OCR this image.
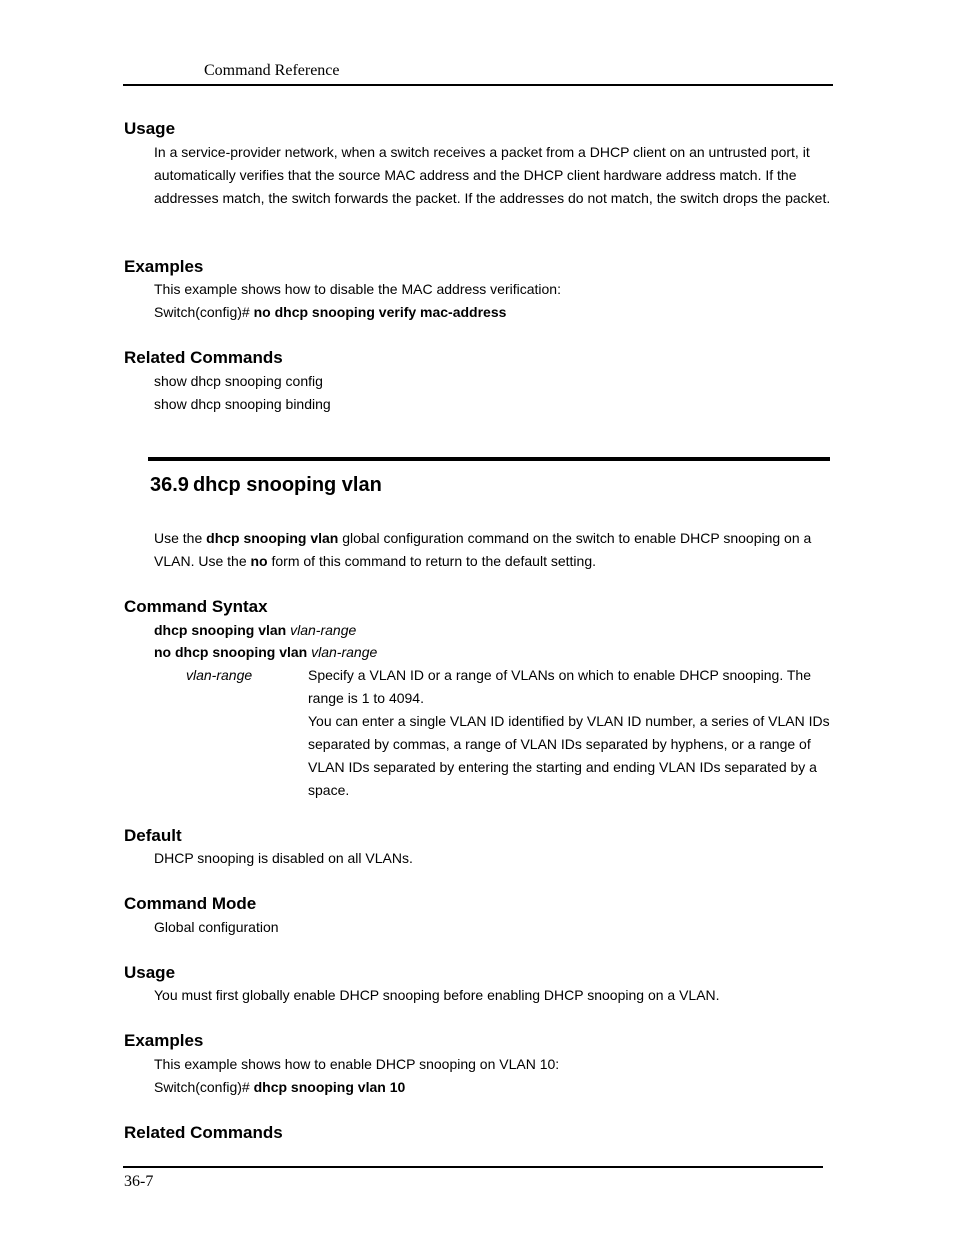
Command Reference
Usage
In a service-provider network, when a switch receives a packet from a DHCP client on an untrusted port, it automatically verifies that the source MAC address and the DHCP client hardware address match. If the addresses match, the switch forwards the packet. If the addresses do not match, the switch drops the packet.
Examples
This example shows how to disable the MAC address verification:
Switch(config)# no dhcp snooping verify mac-address
Related Commands
show dhcp snooping config
show dhcp snooping binding
36.9 dhcp snooping vlan
Use the dhcp snooping vlan global configuration command on the switch to enable DHCP snooping on a VLAN. Use the no form of this command to return to the default setting.
Command Syntax
dhcp snooping vlan vlan-range
no dhcp snooping vlan vlan-range
vlan-range	Specify a VLAN ID or a range of VLANs on which to enable DHCP snooping. The range is 1 to 4094.
You can enter a single VLAN ID identified by VLAN ID number, a series of VLAN IDs separated by commas, a range of VLAN IDs separated by hyphens, or a range of VLAN IDs separated by entering the starting and ending VLAN IDs separated by a space.
Default
DHCP snooping is disabled on all VLANs.
Command Mode
Global configuration
Usage
You must first globally enable DHCP snooping before enabling DHCP snooping on a VLAN.
Examples
This example shows how to enable DHCP snooping on VLAN 10:
Switch(config)# dhcp snooping vlan 10
Related Commands
36-7
